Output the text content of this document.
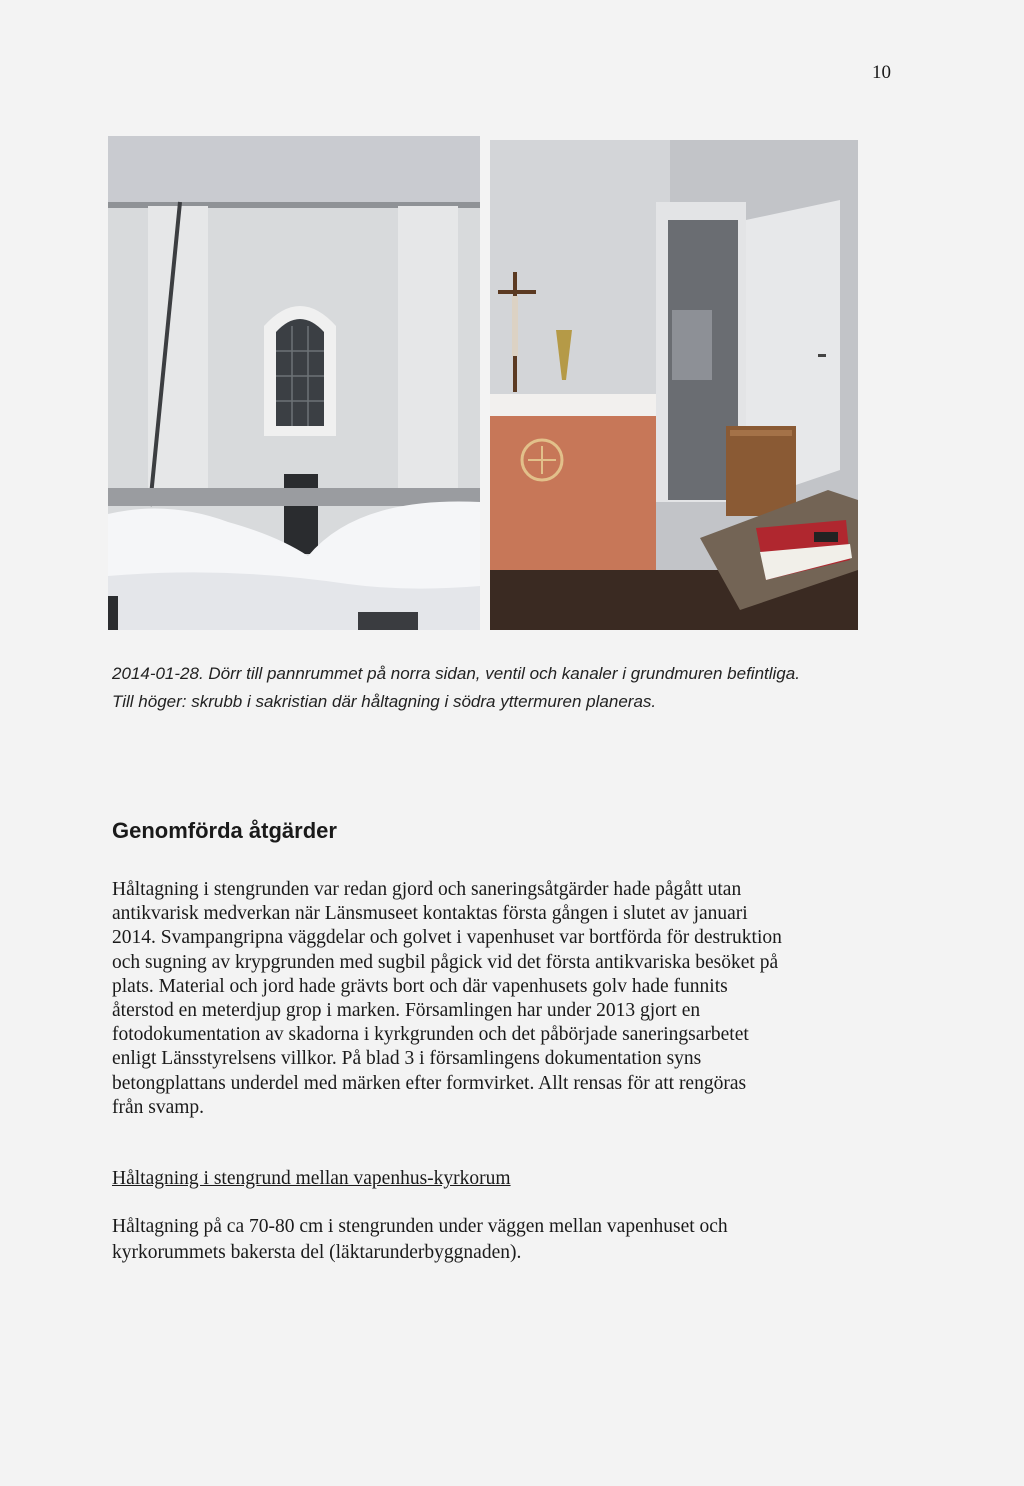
10
2014-01-28. Dörr till pannrummet på norra sidan, ventil och kanaler i grundmuren befintliga.
Till höger: skrubb i sakristian där håltagning i södra yttermuren planeras.
Genomförda åtgärder
Håltagning i stengrunden var redan gjord och saneringsåtgärder hade pågått utan
antikvarisk medverkan när Länsmuseet kontaktas första gången i slutet av januari
2014. Svampangripna väggdelar och golvet i vapenhuset var bortförda för destruktion
och sugning av krypgrunden med sugbil pågick vid det första antikvariska besöket på
plats. Material och jord hade grävts bort och där vapenhusets golv hade funnits
återstod en meterdjup grop i marken. Församlingen har under 2013 gjort en
fotodokumentation av skadorna i kyrkgrunden och det påbörjade saneringsarbetet
enligt Länsstyrelsens villkor. På blad 3 i församlingens dokumentation syns
betongplattans underdel med märken efter formvirket. Allt rensas för att rengöras
från svamp.
Håltagning i stengrund mellan vapenhus-kyrkorum
Håltagning på ca 70-80 cm i stengrunden under väggen mellan vapenhuset och
kyrkorummets bakersta del (läktarunderbyggnaden).
